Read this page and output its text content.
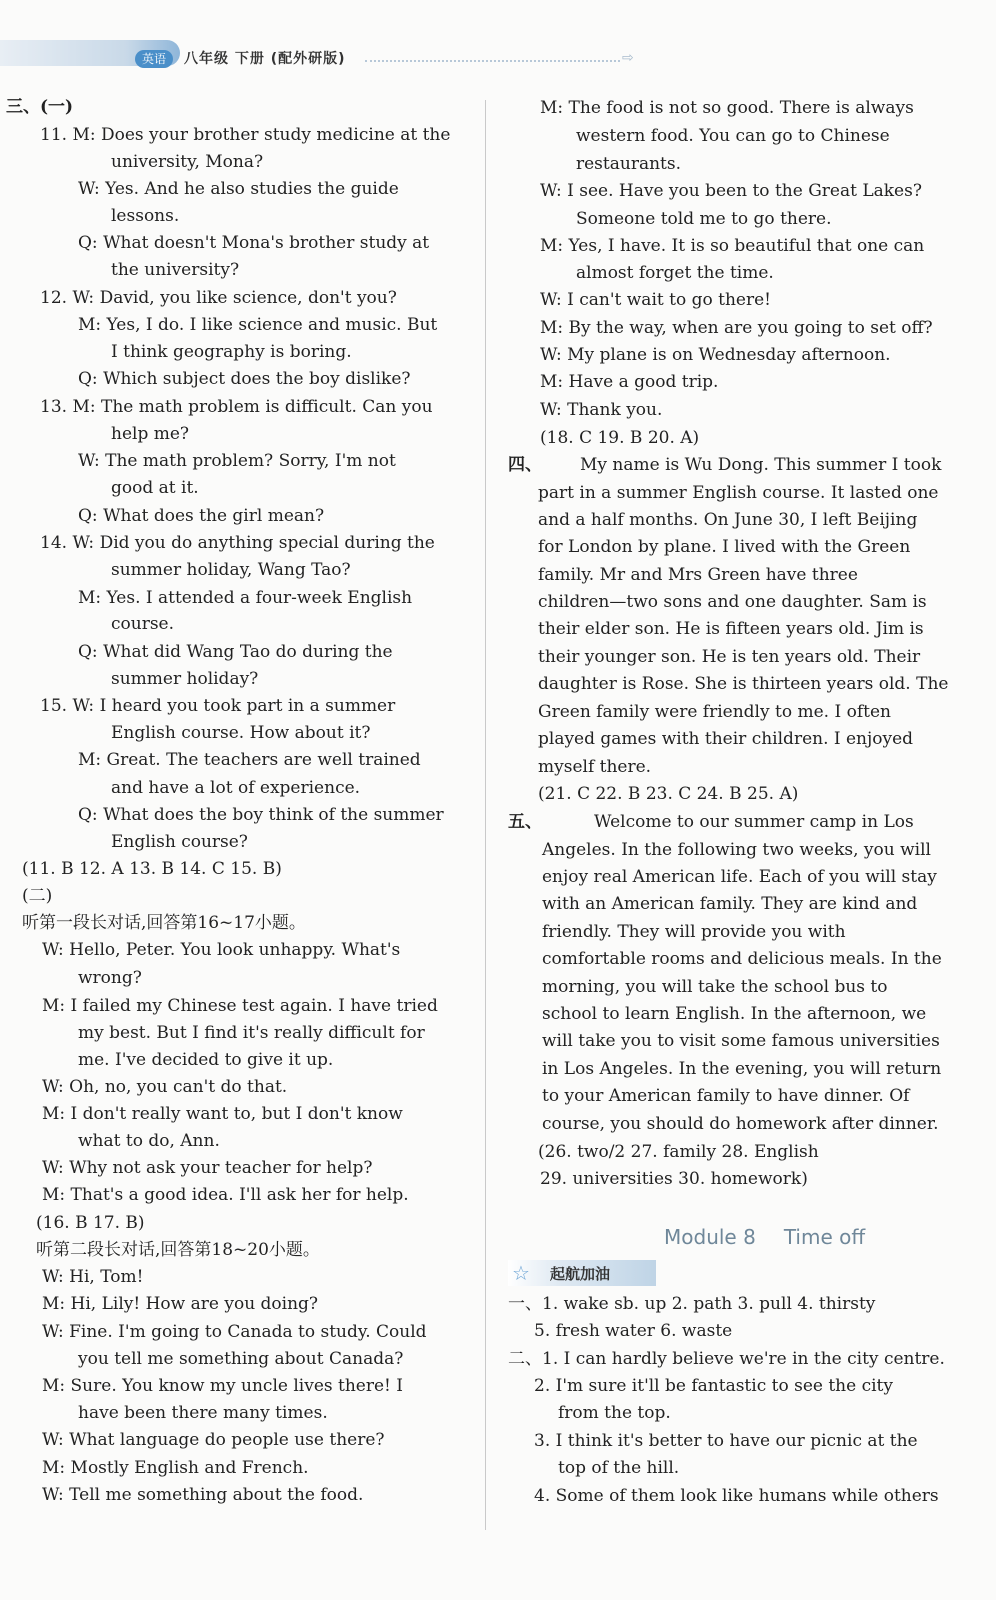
英语	八年级 下册 (配外研版)	⇨
三、(一)
11. M: Does your brother study medicine at the
university, Mona?
W: Yes. And he also studies the guide
lessons.
Q: What doesn't Mona's brother study at
the university?
12. W: David, you like science, don't you?
M: Yes, I do. I like science and music. But
I think geography is boring.
Q: Which subject does the boy dislike?
13. M: The math problem is difficult. Can you
help me?
W: The math problem? Sorry, I'm not
good at it.
Q: What does the girl mean?
14. W: Did you do anything special during the
summer holiday, Wang Tao?
M: Yes. I attended a four-week English
course.
Q: What did Wang Tao do during the
summer holiday?
15. W: I heard you took part in a summer
English course. How about it?
M: Great. The teachers are well trained
and have a lot of experience.
Q: What does the boy think of the summer
English course?
(11. B 12. A 13. B 14. C 15. B)
(二)
听第一段长对话,回答第16~17小题。
W: Hello, Peter. You look unhappy. What's
wrong?
M: I failed my Chinese test again. I have tried
my best. But I find it's really difficult for
me. I've decided to give it up.
W: Oh, no, you can't do that.
M: I don't really want to, but I don't know
what to do, Ann.
W: Why not ask your teacher for help?
M: That's a good idea. I'll ask her for help.
(16. B 17. B)
听第二段长对话,回答第18~20小题。
W: Hi, Tom!
M: Hi, Lily! How are you doing?
W: Fine. I'm going to Canada to study. Could
you tell me something about Canada?
M: Sure. You know my uncle lives there! I
have been there many times.
W: What language do people use there?
M: Mostly English and French.
W: Tell me something about the food.
M: The food is not so good. There is always
western food. You can go to Chinese
restaurants.
W: I see. Have you been to the Great Lakes?
Someone told me to go there.
M: Yes, I have. It is so beautiful that one can
almost forget the time.
W: I can't wait to go there!
M: By the way, when are you going to set off?
W: My plane is on Wednesday afternoon.
M: Have a good trip.
W: Thank you.
(18. C 19. B 20. A)
四、 My name is Wu Dong. This summer I took
part in a summer English course. It lasted one
and a half months. On June 30, I left Beijing
for London by plane. I lived with the Green
family. Mr and Mrs Green have three
children—two sons and one daughter. Sam is
their elder son. He is fifteen years old. Jim is
their younger son. He is ten years old. Their
daughter is Rose. She is thirteen years old. The
Green family were friendly to me. I often
played games with their children. I enjoyed
myself there.
(21. C 22. B 23. C 24. B 25. A)
五、	Welcome to our summer camp in Los
Angeles. In the following two weeks, you will
enjoy real American life. Each of you will stay
with an American family. They are kind and
friendly. They will provide you with
comfortable rooms and delicious meals. In the
morning, you will take the school bus to
school to learn English. In the afternoon, we
will take you to visit some famous universities
in Los Angeles. In the evening, you will return
to your American family to have dinner. Of
course, you should do homework after dinner.
(26. two/2 27. family 28. English
29. universities 30. homework)
一、1. wake sb. up 2. path 3. pull 4. thirsty
5. fresh water 6. waste
二、1. I can hardly believe we're in the city centre.
2. I'm sure it'll be fantastic to see the city
from the top.
3. I think it's better to have our picnic at the
top of the hill.
4. Some of them look like humans while others
Module 8 Time off
☆ 起航加油
